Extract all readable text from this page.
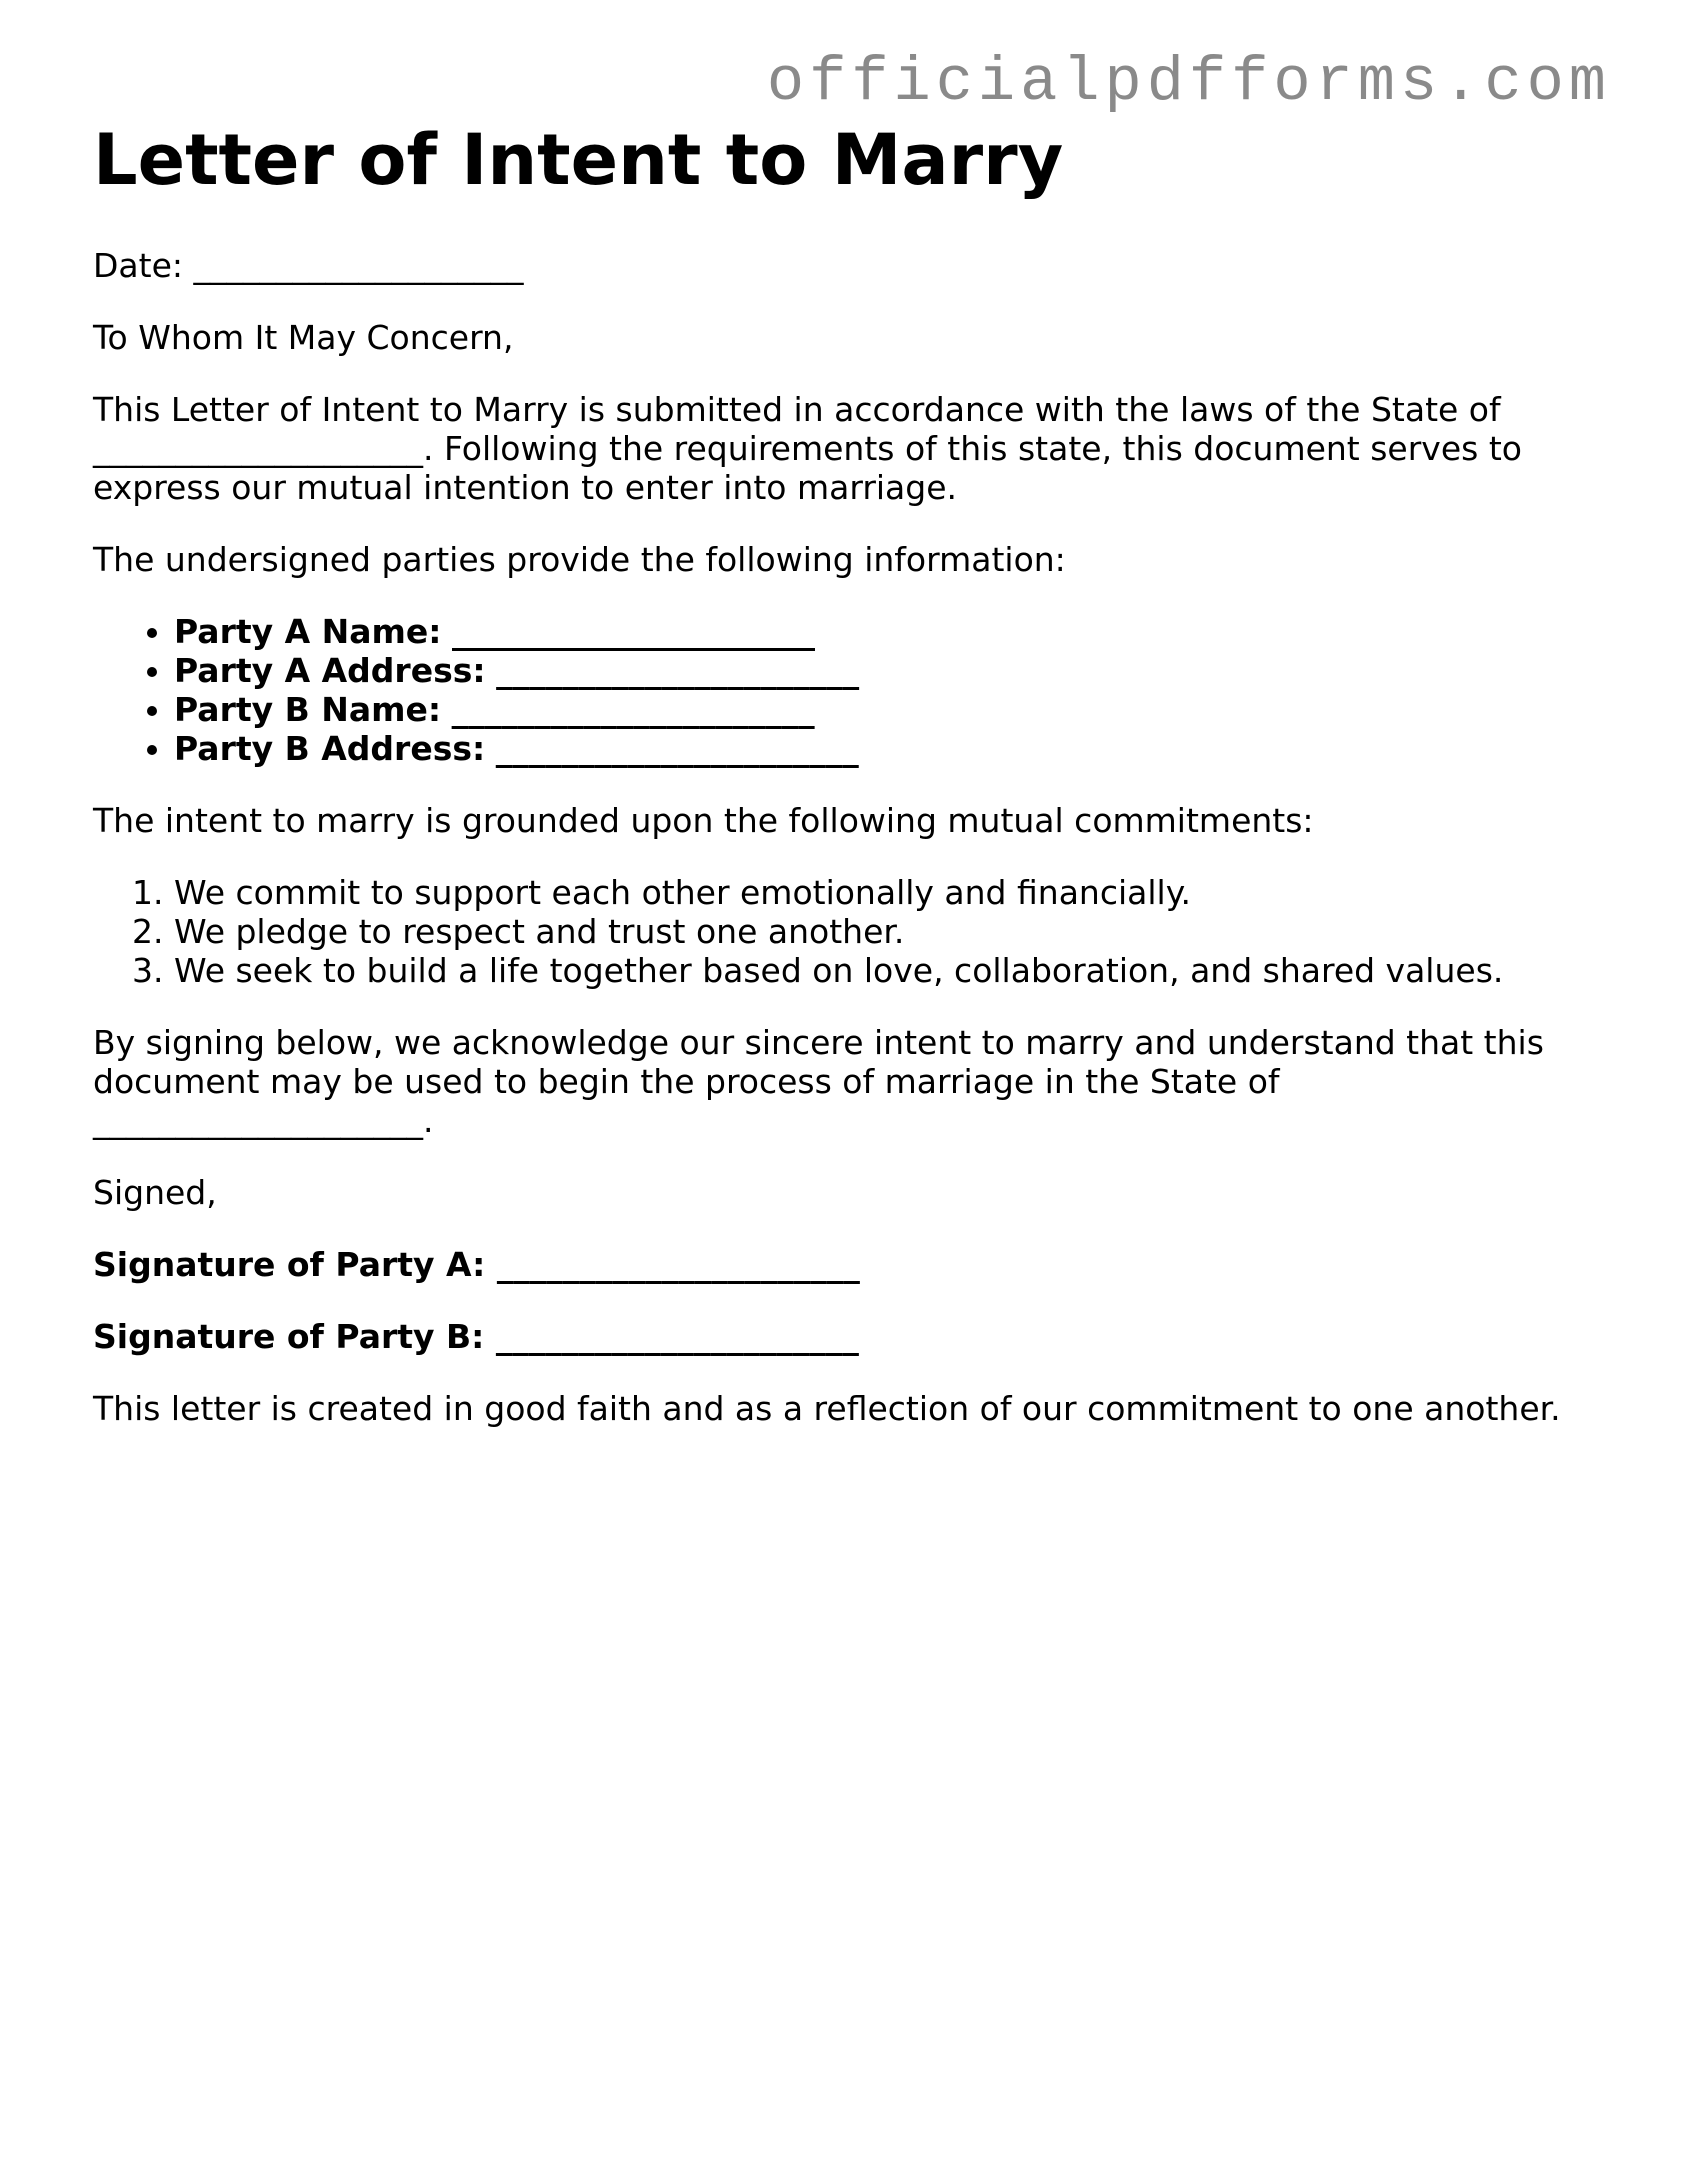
officialpdfforms.com
Letter of Intent to Marry

Date: ____________________

To Whom It May Concern,

This Letter of Intent to Marry is submitted in accordance with the laws of the State of
____________________. Following the requirements of this state, this document serves to
express our mutual intention to enter into marriage.

The undersigned parties provide the following information:

• Party A Name: ______________________
• Party A Address: ______________________
• Party B Name: ______________________
• Party B Address: ______________________

The intent to marry is grounded upon the following mutual commitments:

1. We commit to support each other emotionally and financially.
2. We pledge to respect and trust one another.
3. We seek to build a life together based on love, collaboration, and shared values.

By signing below, we acknowledge our sincere intent to marry and understand that this
document may be used to begin the process of marriage in the State of
____________________.

Signed,

Signature of Party A: ______________________

Signature of Party B: ______________________

This letter is created in good faith and as a reflection of our commitment to one another.
